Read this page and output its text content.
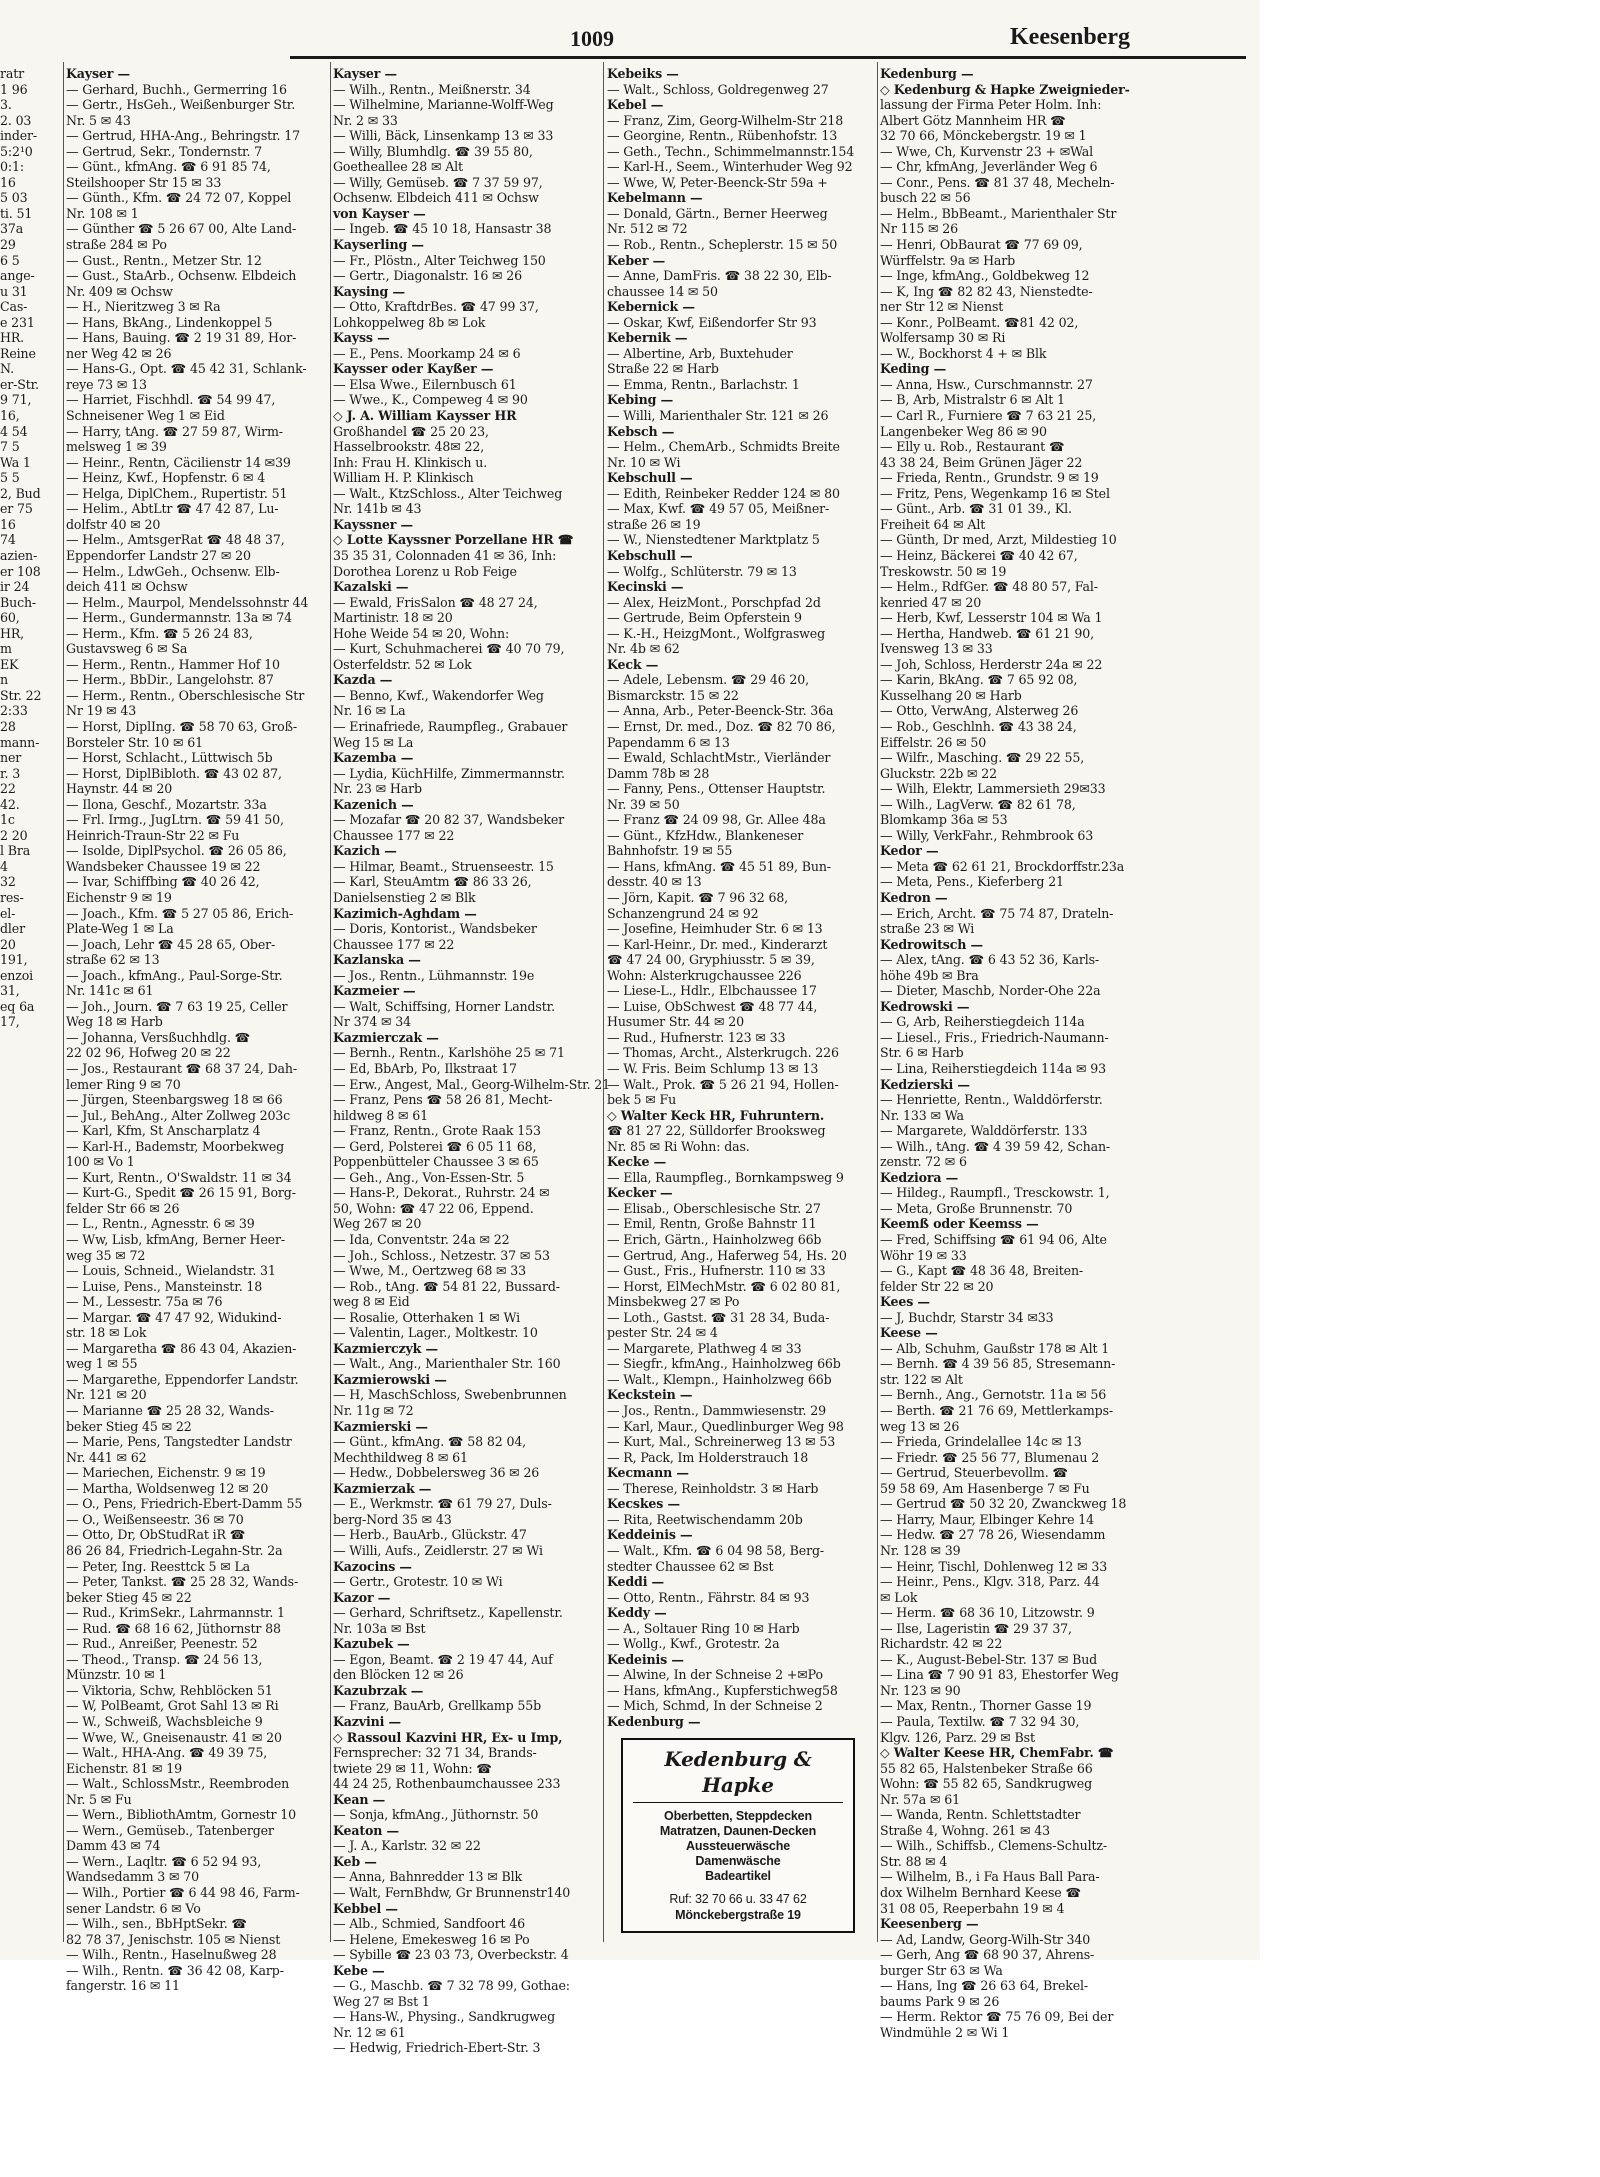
1009	Keesenberg
ratr
1 96
3.
2. 03
inder-
5:2¹0
0:1:
16
5 03
ti. 51
37a
29
6 5
ange-
u 31
Cas-
e 231
HR.
Reine
N.
er-Str.
9 71,
16,
4 54
7 5
Wa 1
5 5
2, Bud
er 75
16
74
azien-
er 108
ir 24
Buch-
60,
HR,
m
EK
n
Str. 22
2:33
28
mann-
ner
r. 3
22
42.
1c
2 20
l Bra
4
32
res-
el-
dler
20
191,
enzoi
31,
eq 6a
17,
Kayser —
— Gerhard, Buchh., Germerring 16
— Gertr., HsGeh., Weißenburger Str.
Nr. 5 ✉ 43
— Gertrud, HHA-Ang., Behringstr. 17
— Gertrud, Sekr., Tondernstr. 7
— Günt., kfmAng. ☎ 6 91 85 74,
Steilshooper Str 15 ✉ 33
— Günth., Kfm. ☎ 24 72 07, Koppel
Nr. 108 ✉ 1
— Günther ☎ 5 26 67 00, Alte Land-
straße 284 ✉ Po
— Gust., Rentn., Metzer Str. 12
— Gust., StaArb., Ochsenw. Elbdeich
Nr. 409 ✉ Ochsw
— H., Nieritzweg 3 ✉ Ra
— Hans, BkAng., Lindenkoppel 5
— Hans, Bauing. ☎ 2 19 31 89, Hor-
ner Weg 42 ✉ 26
— Hans-G., Opt. ☎ 45 42 31, Schlank-
reye 73 ✉ 13
— Harriet, Fischhdl. ☎ 54 99 47,
Schneisener Weg 1 ✉ Eid
— Harry, tAng. ☎ 27 59 87, Wirm-
melsweg 1 ✉ 39
— Heinr., Rentn, Cäcilienstr 14 ✉39
— Heinz, Kwf., Hopfenstr. 6 ✉ 4
— Helga, DiplChem., Rupertistr. 51
— Helim., AbtLtr ☎ 47 42 87, Lu-
dolfstr 40 ✉ 20
— Helm., AmtsgerRat ☎ 48 48 37,
Eppendorfer Landstr 27 ✉ 20
— Helm., LdwGeh., Ochsenw. Elb-
deich 411 ✉ Ochsw
— Helm., Maurpol, Mendelssohnstr 44
— Herm., Gundermannstr. 13a ✉ 74
— Herm., Kfm. ☎ 5 26 24 83,
Gustavsweg 6 ✉ Sa
— Herm., Rentn., Hammer Hof 10
— Herm., BbDir., Langelohstr. 87
— Herm., Rentn., Oberschlesische Str
Nr 19 ✉ 43
— Horst, DiplIng. ☎ 58 70 63, Groß-
Borsteler Str. 10 ✉ 61
— Horst, Schlacht., Lüttwisch 5b
— Horst, DiplBibloth. ☎ 43 02 87,
Haynstr. 44 ✉ 20
— Ilona, Geschf., Mozartstr. 33a
— Frl. Irmg., JugLtrn. ☎ 59 41 50,
Heinrich-Traun-Str 22 ✉ Fu
— Isolde, DiplPsychol. ☎ 26 05 86,
Wandsbeker Chaussee 19 ✉ 22
— Ivar, Schiffbing ☎ 40 26 42,
Eichenstr 9 ✉ 19
— Joach., Kfm. ☎ 5 27 05 86, Erich-
Plate-Weg 1 ✉ La
— Joach, Lehr ☎ 45 28 65, Ober-
straße 62 ✉ 13
— Joach., kfmAng., Paul-Sorge-Str.
Nr. 141c ✉ 61
— Joh., Journ. ☎ 7 63 19 25, Celler
Weg 18 ✉ Harb
— Johanna, Versßuchhdlg. ☎
22 02 96, Hofweg 20 ✉ 22
— Jos., Restaurant ☎ 68 37 24, Dah-
lemer Ring 9 ✉ 70
— Jürgen, Steenbargsweg 18 ✉ 66
— Jul., BehAng., Alter Zollweg 203c
— Karl, Kfm, St Anscharplatz 4
— Karl-H., Bademstr, Moorbekweg
100 ✉ Vo 1
— Kurt, Rentn., O'Swaldstr. 11 ✉ 34
— Kurt-G., Spedit ☎ 26 15 91, Borg-
felder Str 66 ✉ 26
— L., Rentn., Agnesstr. 6 ✉ 39
— Ww, Lisb, kfmAng, Berner Heer-
weg 35 ✉ 72
— Louis, Schneid., Wielandstr. 31
— Luise, Pens., Mansteinstr. 18
— M., Lessestr. 75a ✉ 76
— Margar. ☎ 47 47 92, Widukind-
str. 18 ✉ Lok
— Margaretha ☎ 86 43 04, Akazien-
weg 1 ✉ 55
— Margarethe, Eppendorfer Landstr.
Nr. 121 ✉ 20
— Marianne ☎ 25 28 32, Wands-
beker Stieg 45 ✉ 22
— Marie, Pens, Tangstedter Landstr
Nr. 441 ✉ 62
— Mariechen, Eichenstr. 9 ✉ 19
— Martha, Woldsenweg 12 ✉ 20
— O., Pens, Friedrich-Ebert-Damm 55
— O., Weißenseestr. 36 ✉ 70
— Otto, Dr, ObStudRat iR ☎
86 26 84, Friedrich-Legahn-Str. 2a
— Peter, Ing. Reesttck 5 ✉ La
— Peter, Tankst. ☎ 25 28 32, Wands-
beker Stieg 45 ✉ 22
— Rud., KrimSekr., Lahrmannstr. 1
— Rud. ☎ 68 16 62, Jüthornstr 88
— Rud., Anreißer, Peenestr. 52
— Theod., Transp. ☎ 24 56 13,
Münzstr. 10 ✉ 1
— Viktoria, Schw, Rehblöcken 51
— W, PolBeamt, Grot Sahl 13 ✉ Ri
— W., Schweiß, Wachsbleiche 9
— Wwe, W., Gneisenaustr. 41 ✉ 20
— Walt., HHA-Ang. ☎ 49 39 75,
Eichenstr. 81 ✉ 19
— Walt., SchlossMstr., Reembroden
Nr. 5 ✉ Fu
— Wern., BibliothAmtm, Gornestr 10
— Wern., Gemüseb., Tatenberger
Damm 43 ✉ 74
— Wern., Laqltr. ☎ 6 52 94 93,
Wandsedamm 3 ✉ 70
— Wilh., Portier ☎ 6 44 98 46, Farm-
sener Landstr. 6 ✉ Vo
— Wilh., sen., BbHptSekr. ☎
82 78 37, Jenischstr. 105 ✉ Nienst
— Wilh., Rentn., Haselnußweg 28
— Wilh., Rentn. ☎ 36 42 08, Karp-
fangerstr. 16 ✉ 11
Kayser —
— Wilh., Rentn., Meißnerstr. 34
— Wilhelmine, Marianne-Wolff-Weg
Nr. 2 ✉ 33
— Willi, Bäck, Linsenkamp 13 ✉ 33
— Willy, Blumhdlg. ☎ 39 55 80,
Goetheallee 28 ✉ Alt
— Willy, Gemüseb. ☎ 7 37 59 97,
Ochsenw. Elbdeich 411 ✉ Ochsw
von Kayser —
— Ingeb. ☎ 45 10 18, Hansastr 38
Kayserling —
— Fr., Plöstn., Alter Teichweg 150
— Gertr., Diagonalstr. 16 ✉ 26
Kaysing —
— Otto, KraftdrBes. ☎ 47 99 37,
Lohkoppelweg 8b ✉ Lok
Kayss —
— E., Pens. Moorkamp 24 ✉ 6
Kaysser oder Kayßer —
— Elsa Wwe., Eilernbusch 61
— Wwe., K., Compeweg 4 ✉ 90
◇ J. A. William Kaysser HR
Großhandel ☎ 25 20 23,
Hasselbrookstr. 48✉ 22,
Inh: Frau H. Klinkisch u.
William H. P. Klinkisch
— Walt., KtzSchloss., Alter Teichweg
Nr. 141b ✉ 43
Kayssner —
◇ Lotte Kayssner Porzellane HR ☎
35 35 31, Colonnaden 41 ✉ 36, Inh:
Dorothea Lorenz u Rob Feige
Kazalski —
— Ewald, FrisSalon ☎ 48 27 24,
Martinistr. 18 ✉ 20
Hohe Weide 54 ✉ 20, Wohn:
— Kurt, Schuhmacherei ☎ 40 70 79,
Osterfeldstr. 52 ✉ Lok
Kazda —
— Benno, Kwf., Wakendorfer Weg
Nr. 16 ✉ La
— Erinafriede, Raumpfleg., Grabauer
Weg 15 ✉ La
Kazemba —
— Lydia, KüchHilfe, Zimmermannstr.
Nr. 23 ✉ Harb
Kazenich —
— Mozafar ☎ 20 82 37, Wandsbeker
Chaussee 177 ✉ 22
Kazich —
— Hilmar, Beamt., Struenseestr. 15
— Karl, SteuAmtm ☎ 86 33 26,
Danielsenstieg 2 ✉ Blk
Kazimich-Aghdam —
— Doris, Kontorist., Wandsbeker
Chaussee 177 ✉ 22
Kazlanska —
— Jos., Rentn., Lühmannstr. 19e
Kazmeier —
— Walt, Schiffsing, Horner Landstr.
Nr 374 ✉ 34
Kazmierczak —
— Bernh., Rentn., Karlshöhe 25 ✉ 71
— Ed, BbArb, Po, Ilkstraat 17
— Erw., Angest, Mal., Georg-Wilhelm-Str. 21
— Franz, Pens ☎ 58 26 81, Mecht-
hildweg 8 ✉ 61
— Franz, Rentn., Grote Raak 153
— Gerd, Polsterei ☎ 6 05 11 68,
Poppenbütteler Chaussee 3 ✉ 65
— Geh., Ang., Von-Essen-Str. 5
— Hans-P., Dekorat., Ruhrstr. 24 ✉
50, Wohn: ☎ 47 22 06, Eppend.
Weg 267 ✉ 20
— Ida, Conventstr. 24a ✉ 22
— Joh., Schloss., Netzestr. 37 ✉ 53
— Wwe, M., Oertzweg 68 ✉ 33
— Rob., tAng. ☎ 54 81 22, Bussard-
weg 8 ✉ Eid
— Rosalie, Otterhaken 1 ✉ Wi
— Valentin, Lager., Moltkestr. 10
Kazmierczyk —
— Walt., Ang., Marienthaler Str. 160
Kazmierowski —
— H, MaschSchloss, Swebenbrunnen
Nr. 11g ✉ 72
Kazmierski —
— Günt., kfmAng. ☎ 58 82 04,
Mechthildweg 8 ✉ 61
— Hedw., Dobbelersweg 36 ✉ 26
Kazmierzak —
— E., Werkmstr. ☎ 61 79 27, Duls-
berg-Nord 35 ✉ 43
— Herb., BauArb., Glückstr. 47
— Willi, Aufs., Zeidlerstr. 27 ✉ Wi
Kazocins —
— Gertr., Grotestr. 10 ✉ Wi
Kazor —
— Gerhard, Schriftsetz., Kapellenstr.
Nr. 103a ✉ Bst
Kazubek —
— Egon, Beamt. ☎ 2 19 47 44, Auf
den Blöcken 12 ✉ 26
Kazubrzak —
— Franz, BauArb, Grellkamp 55b
Kazvini —
◇ Rassoul Kazvini HR, Ex- u Imp,
Fernsprecher: 32 71 34, Brands-
twiete 29 ✉ 11, Wohn: ☎
44 24 25, Rothenbaumchaussee 233
Kean —
— Sonja, kfmAng., Jüthornstr. 50
Keaton —
— J. A., Karlstr. 32 ✉ 22
Keb —
— Anna, Bahnredder 13 ✉ Blk
— Walt, FernBhdw, Gr Brunnenstr140
Kebbel —
— Alb., Schmied, Sandfoort 46
— Helene, Emekesweg 16 ✉ Po
— Sybille ☎ 23 03 73, Overbeckstr. 4
Kebe —
— G., Maschb. ☎ 7 32 78 99, Gothae:
Weg 27 ✉ Bst 1
— Hans-W., Physing., Sandkrugweg
Nr. 12 ✉ 61
— Hedwig, Friedrich-Ebert-Str. 3
Kebeiks —
— Walt., Schloss, Goldregenweg 27
Kebel —
— Franz, Zim, Georg-Wilhelm-Str 218
— Georgine, Rentn., Rübenhofstr. 13
— Geth., Techn., Schimmelmannstr.154
— Karl-H., Seem., Winterhuder Weg 92
— Wwe, W, Peter-Beenck-Str 59a +
Kebelmann —
— Donald, Gärtn., Berner Heerweg
Nr. 512 ✉ 72
— Rob., Rentn., Scheplerstr. 15 ✉ 50
Keber —
— Anne, DamFris. ☎ 38 22 30, Elb-
chaussee 14 ✉ 50
Kebernick —
— Oskar, Kwf, Eißendorfer Str 93
Kebernik —
— Albertine, Arb, Buxtehuder
Straße 22 ✉ Harb
— Emma, Rentn., Barlachstr. 1
Kebing —
— Willi, Marienthaler Str. 121 ✉ 26
Kebsch —
— Helm., ChemArb., Schmidts Breite
Nr. 10 ✉ Wi
Kebschull —
— Edith, Reinbeker Redder 124 ✉ 80
— Max, Kwf. ☎ 49 57 05, Meißner-
straße 26 ✉ 19
— W., Nienstedtener Marktplatz 5
Kebschull —
— Wolfg., Schlüterstr. 79 ✉ 13
Kecinski —
— Alex, HeizMont., Porschpfad 2d
— Gertrude, Beim Opferstein 9
— K.-H., HeizgMont., Wolfgrasweg
Nr. 4b ✉ 62
Keck —
— Adele, Lebensm. ☎ 29 46 20,
Bismarckstr. 15 ✉ 22
— Anna, Arb., Peter-Beenck-Str. 36a
— Ernst, Dr. med., Doz. ☎ 82 70 86,
Papendamm 6 ✉ 13
— Ewald, SchlachtMstr., Vierländer
Damm 78b ✉ 28
— Fanny, Pens., Ottenser Hauptstr.
Nr. 39 ✉ 50
— Franz ☎ 24 09 98, Gr. Allee 48a
— Günt., KfzHdw., Blankeneser
Bahnhofstr. 19 ✉ 55
— Hans, kfmAng. ☎ 45 51 89, Bun-
desstr. 40 ✉ 13
— Jörn, Kapit. ☎ 7 96 32 68,
Schanzengrund 24 ✉ 92
— Josefine, Heimhuder Str. 6 ✉ 13
— Karl-Heinr., Dr. med., Kinderarzt
☎ 47 24 00, Gryphiusstr. 5 ✉ 39,
Wohn: Alsterkrugchaussee 226
— Liese-L., Hdlr., Elbchaussee 17
— Luise, ObSchwest ☎ 48 77 44,
Husumer Str. 44 ✉ 20
— Rud., Hufnerstr. 123 ✉ 33
— Thomas, Archt., Alsterkrugch. 226
— W. Fris. Beim Schlump 13 ✉ 13
— Walt., Prok. ☎ 5 26 21 94, Hollen-
bek 5 ✉ Fu
◇ Walter Keck HR, Fuhruntern.
☎ 81 27 22, Sülldorfer Brooksweg
Nr. 85 ✉ Ri Wohn: das.
Kecke —
— Ella, Raumpfleg., Bornkampsweg 9
Kecker —
— Elisab., Oberschlesische Str. 27
— Emil, Rentn, Große Bahnstr 11
— Erich, Gärtn., Hainholzweg 66b
— Gertrud, Ang., Haferweg 54, Hs. 20
— Gust., Fris., Hufnerstr. 110 ✉ 33
— Horst, ElMechMstr. ☎ 6 02 80 81,
Minsbekweg 27 ✉ Po
— Loth., Gastst. ☎ 31 28 34, Buda-
pester Str. 24 ✉ 4
— Margarete, Plathweg 4 ✉ 33
— Siegfr., kfmAng., Hainholzweg 66b
— Walt., Klempn., Hainholzweg 66b
Keckstein —
— Jos., Rentn., Dammwiesenstr. 29
— Karl, Maur., Quedlinburger Weg 98
— Kurt, Mal., Schreinerweg 13 ✉ 53
— R, Pack, Im Holderstrauch 18
Kecmann —
— Therese, Reinholdstr. 3 ✉ Harb
Kecskes —
— Rita, Reetwischendamm 20b
Keddeinis —
— Walt., Kfm. ☎ 6 04 98 58, Berg-
stedter Chaussee 62 ✉ Bst
Keddi —
— Otto, Rentn., Fährstr. 84 ✉ 93
Keddy —
— A., Soltauer Ring 10 ✉ Harb
— Wollg., Kwf., Grotestr. 2a
Kedeinis —
— Alwine, In der Schneise 2 +✉Po
— Hans, kfmAng., Kupferstichweg58
— Mich, Schmd, In der Schneise 2
Kedenburg —
Kedenburg & Hapke
Oberbetten, Steppdecken
Matratzen, Daunen-Decken
Aussteuerwäsche
Damenwäsche
Badeartikel
Ruf: 32 70 66 u. 33 47 62
Mönckebergstraße 19
Kedenburg —
◇ Kedenburg & Hapke Zweignieder-
lassung der Firma Peter Holm. Inh:
Albert Götz Mannheim HR ☎
32 70 66, Mönckebergstr. 19 ✉ 1
— Wwe, Ch, Kurvenstr 23 + ✉Wal
— Chr, kfmAng, Jeverländer Weg 6
— Conr., Pens. ☎ 81 37 48, Mecheln-
busch 22 ✉ 56
— Helm., BbBeamt., Marienthaler Str
Nr 115 ✉ 26
— Henri, ObBaurat ☎ 77 69 09,
Würffelstr. 9a ✉ Harb
— Inge, kfmAng., Goldbekweg 12
— K, Ing ☎ 82 82 43, Nienstedte-
ner Str 12 ✉ Nienst
— Konr., PolBeamt. ☎81 42 02,
Wolfersamp 30 ✉ Ri
— W., Bockhorst 4 + ✉ Blk
Keding —
— Anna, Hsw., Curschmannstr. 27
— B, Arb, Mistralstr 6 ✉ Alt 1
— Carl R., Furniere ☎ 7 63 21 25,
Langenbeker Weg 86 ✉ 90
— Elly u. Rob., Restaurant ☎
43 38 24, Beim Grünen Jäger 22
— Frieda, Rentn., Grundstr. 9 ✉ 19
— Fritz, Pens, Wegenkamp 16 ✉ Stel
— Günt., Arb. ☎ 31 01 39., Kl.
Freiheit 64 ✉ Alt
— Günth, Dr med, Arzt, Mildestieg 10
— Heinz, Bäckerei ☎ 40 42 67,
Treskowstr. 50 ✉ 19
— Helm., RdfGer. ☎ 48 80 57, Fal-
kenried 47 ✉ 20
— Herb, Kwf, Lesserstr 104 ✉ Wa 1
— Hertha, Handweb. ☎ 61 21 90,
Ivensweg 13 ✉ 33
— Joh, Schloss, Herderstr 24a ✉ 22
— Karin, BkAng. ☎ 7 65 92 08,
Kusselhang 20 ✉ Harb
— Otto, VerwAng, Alsterweg 26
— Rob., Geschlnh. ☎ 43 38 24,
Eiffelstr. 26 ✉ 50
— Wilfr., Masching. ☎ 29 22 55,
Gluckstr. 22b ✉ 22
— Wilh, Elektr, Lammersieth 29✉33
— Wilh., LagVerw. ☎ 82 61 78,
Blomkamp 36a ✉ 53
— Willy, VerkFahr., Rehmbrook 63
Kedor —
— Meta ☎ 62 61 21, Brockdorffstr.23a
— Meta, Pens., Kieferberg 21
Kedron —
— Erich, Archt. ☎ 75 74 87, Drateln-
straße 23 ✉ Wi
Kedrowitsch —
— Alex, tAng. ☎ 6 43 52 36, Karls-
höhe 49b ✉ Bra
— Dieter, Maschb, Norder-Ohe 22a
Kedrowski —
— G, Arb, Reiherstiegdeich 114a
— Liesel., Fris., Friedrich-Naumann-
Str. 6 ✉ Harb
— Lina, Reiherstiegdeich 114a ✉ 93
Kedzierski —
— Henriette, Rentn., Walddörferstr.
Nr. 133 ✉ Wa
— Margarete, Walddörferstr. 133
— Wilh., tAng. ☎ 4 39 59 42, Schan-
zenstr. 72 ✉ 6
Kedziora —
— Hildeg., Raumpfl., Tresckowstr. 1,
— Meta, Große Brunnenstr. 70
Keemß oder Keemss —
— Fred, Schiffsing ☎ 61 94 06, Alte
Wöhr 19 ✉ 33
— G., Kapt ☎ 48 36 48, Breiten-
felder Str 22 ✉ 20
Kees —
— J, Buchdr, Starstr 34 ✉33
Keese —
— Alb, Schuhm, Gaußstr 178 ✉ Alt 1
— Bernh. ☎ 4 39 56 85, Stresemann-
str. 122 ✉ Alt
— Bernh., Ang., Gernotstr. 11a ✉ 56
— Berth. ☎ 21 76 69, Mettlerkamps-
weg 13 ✉ 26
— Frieda, Grindelallee 14c ✉ 13
— Friedr. ☎ 25 56 77, Blumenau 2
— Gertrud, Steuerbevollm. ☎
59 58 69, Am Hasenberge 7 ✉ Fu
— Gertrud ☎ 50 32 20, Zwanckweg 18
— Harry, Maur, Elbinger Kehre 14
— Hedw. ☎ 27 78 26, Wiesendamm
Nr. 128 ✉ 39
— Heinr, Tischl, Dohlenweg 12 ✉ 33
— Heinr., Pens., Klgv. 318, Parz. 44
✉ Lok
— Herm. ☎ 68 36 10, Litzowstr. 9
— Ilse, Lageristin ☎ 29 37 37,
Richardstr. 42 ✉ 22
— K., August-Bebel-Str. 137 ✉ Bud
— Lina ☎ 7 90 91 83, Ehestorfer Weg
Nr. 123 ✉ 90
— Max, Rentn., Thorner Gasse 19
— Paula, Textilw. ☎ 7 32 94 30,
Klgv. 126, Parz. 29 ✉ Bst
◇ Walter Keese HR, ChemFabr. ☎
55 82 65, Halstenbeker Straße 66
Wohn: ☎ 55 82 65, Sandkrugweg
Nr. 57a ✉ 61
— Wanda, Rentn. Schlettstadter
Straße 4, Wohng. 261 ✉ 43
— Wilh., Schiffsb., Clemens-Schultz-
Str. 88 ✉ 4
— Wilhelm, B., i Fa Haus Ball Para-
dox Wilhelm Bernhard Keese ☎
31 08 05, Reeperbahn 19 ✉ 4
Keesenberg —
— Ad, Landw, Georg-Wilh-Str 340
— Gerh, Ang ☎ 68 90 37, Ahrens-
burger Str 63 ✉ Wa
— Hans, Ing ☎ 26 63 64, Brekel-
baums Park 9 ✉ 26
— Herm. Rektor ☎ 75 76 09, Bei der
Windmühle 2 ✉ Wi 1
